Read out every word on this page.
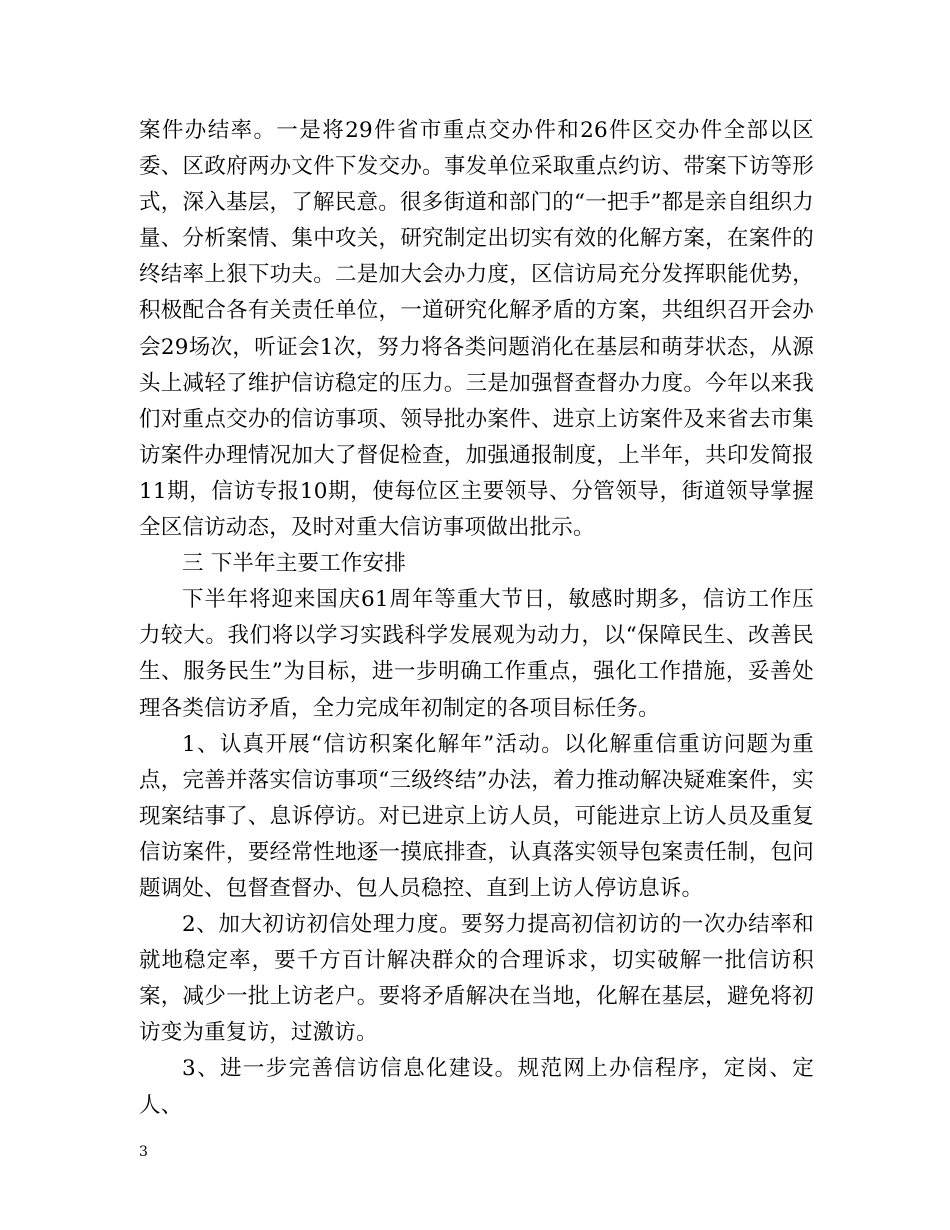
案件办结率。一是将29件省市重点交办件和26件区交办件全部以区委、区政府两办文件下发交办。事发单位采取重点约访、带案下访等形式，深入基层，了解民意。很多街道和部门的“一把手”都是亲自组织力量、分析案情、集中攻关，研究制定出切实有效的化解方案，在案件的终结率上狠下功夫。二是加大会办力度，区信访局充分发挥职能优势，积极配合各有关责任单位，一道研究化解矛盾的方案，共组织召开会办会29场次，听证会1次，努力将各类问题消化在基层和萌芽状态，从源头上减轻了维护信访稳定的压力。三是加强督查督办力度。今年以来我们对重点交办的信访事项、领导批办案件、进京上访案件及来省去市集访案件办理情况加大了督促检查，加强通报制度，上半年，共印发简报11期，信访专报10期，使每位区主要领导、分管领导，街道领导掌握全区信访动态，及时对重大信访事项做出批示。

三 下半年主要工作安排

下半年将迎来国庆61周年等重大节日，敏感时期多，信访工作压力较大。我们将以学习实践科学发展观为动力，以“保障民生、改善民生、服务民生”为目标，进一步明确工作重点，强化工作措施，妥善处理各类信访矛盾，全力完成年初制定的各项目标任务。

1、认真开展“信访积案化解年”活动。以化解重信重访问题为重点，完善并落实信访事项“三级终结”办法，着力推动解决疑难案件，实现案结事了、息诉停访。对已进京上访人员，可能进京上访人员及重复信访案件，要经常性地逐一摸底排查，认真落实领导包案责任制，包问题调处、包督查督办、包人员稳控、直到上访人停访息诉。

2、加大初访初信处理力度。要努力提高初信初访的一次办结率和就地稳定率，要千方百计解决群众的合理诉求，切实破解一批信访积案，减少一批上访老户。要将矛盾解决在当地，化解在基层，避免将初访变为重复访，过激访。

3、进一步完善信访信息化建设。规范网上办信程序，定岗、定人、

3
